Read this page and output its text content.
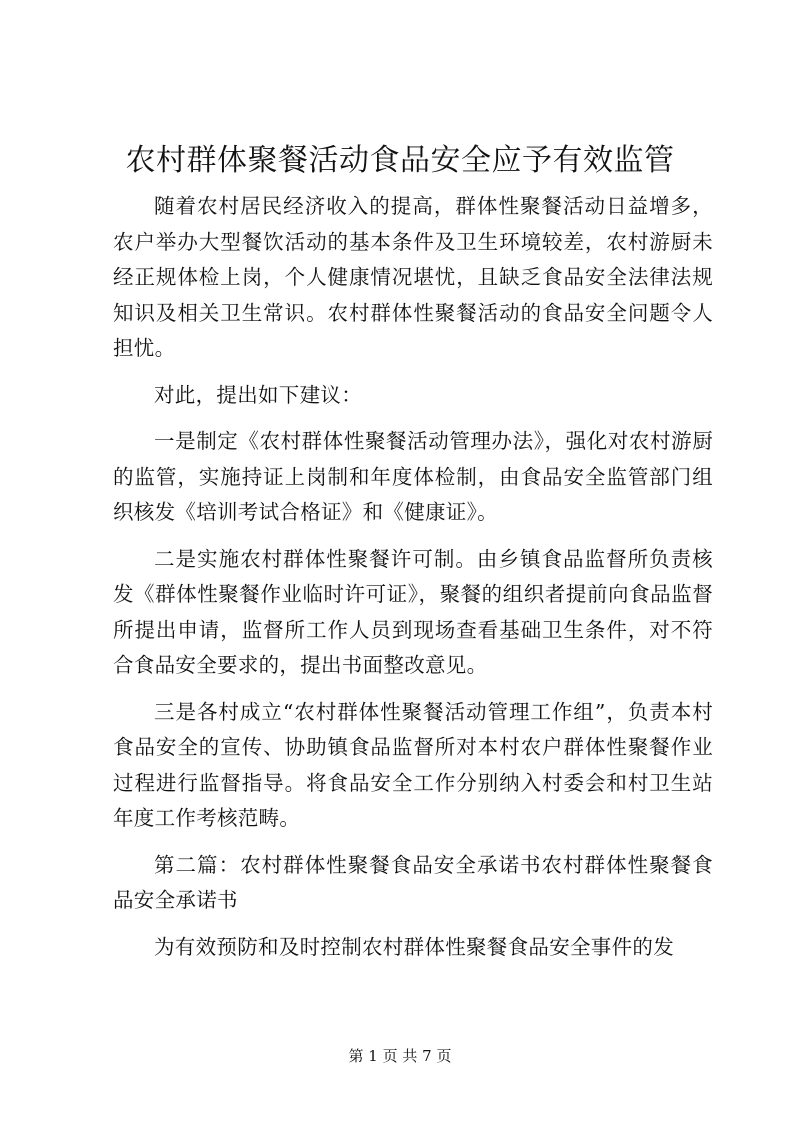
农村群体聚餐活动食品安全应予有效监管

随着农村居民经济收入的提高，群体性聚餐活动日益增多，农户举办大型餐饮活动的基本条件及卫生环境较差，农村游厨未经正规体检上岗，个人健康情况堪忧，且缺乏食品安全法律法规知识及相关卫生常识。农村群体性聚餐活动的食品安全问题令人担忧。

对此，提出如下建议：

一是制定《农村群体性聚餐活动管理办法》，强化对农村游厨的监管，实施持证上岗制和年度体检制，由食品安全监管部门组织核发《培训考试合格证》和《健康证》。

二是实施农村群体性聚餐许可制。由乡镇食品监督所负责核发《群体性聚餐作业临时许可证》，聚餐的组织者提前向食品监督所提出申请，监督所工作人员到现场查看基础卫生条件，对不符合食品安全要求的，提出书面整改意见。

三是各村成立“农村群体性聚餐活动管理工作组”，负责本村食品安全的宣传、协助镇食品监督所对本村农户群体性聚餐作业过程进行监督指导。将食品安全工作分别纳入村委会和村卫生站年度工作考核范畴。

第二篇：农村群体性聚餐食品安全承诺书农村群体性聚餐食品安全承诺书

为有效预防和及时控制农村群体性聚餐食品安全事件的发

第 1 页 共 7 页
